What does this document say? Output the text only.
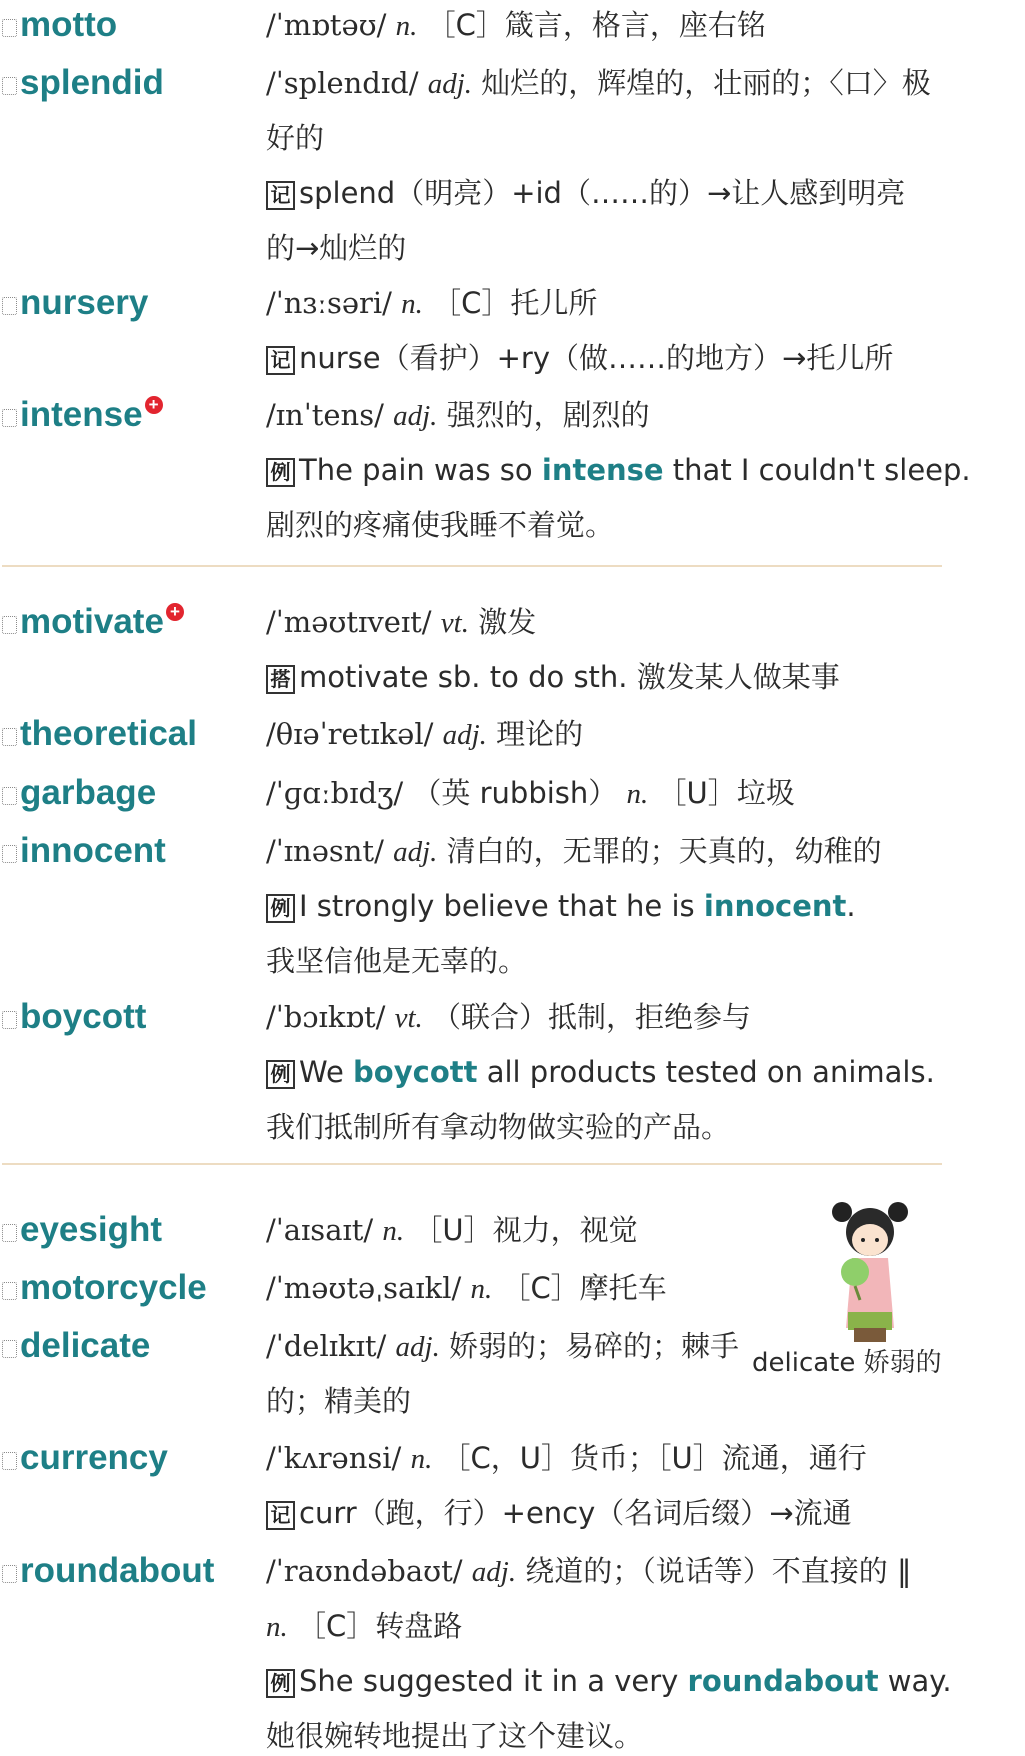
motto	/ˈmɒtəʊ/ n. ［C］箴言，格言，座右铭
splendid	/ˈsplendɪd/ adj. 灿烂的，辉煌的，壮丽的；〈口〉极
好的
记 splend（明亮）+id（……的）→让人感到明亮
的→灿烂的
nursery	/ˈnɜːsəri/ n. ［C］托儿所
记 nurse（看护）+ry（做……的地方）→托儿所
intense +	/ɪnˈtens/ adj. 强烈的，剧烈的
例 The pain was so intense that I couldn't sleep.
剧烈的疼痛使我睡不着觉。
motivate +	/ˈməʊtɪveɪt/ vt. 激发
搭 motivate sb. to do sth. 激发某人做某事
theoretical /θɪəˈretɪkəl/ adj. 理论的
garbage	/ˈɡɑːbɪdʒ/ （英 rubbish） n. ［U］垃圾
innocent	/ˈɪnəsnt/ adj. 清白的，无罪的；天真的，幼稚的
例 I strongly believe that he is innocent.
我坚信他是无辜的。
boycott	/ˈbɔɪkɒt/ vt. （联合）抵制，拒绝参与
例 We boycott all products tested on animals.
我们抵制所有拿动物做实验的产品。
eyesight	/ˈaɪsaɪt/ n. ［U］视力，视觉
motorcycle /ˈməʊtəˌsaɪkl/ n. ［C］摩托车
delicate	/ˈdelɪkɪt/ adj. 娇弱的；易碎的；棘手
的；精美的
currency	/ˈkʌrənsi/ n. ［C，U］货币；［U］流通，通行
记 curr（跑，行）+ency（名词后缀）→流通
roundabout /ˈraʊndəbaʊt/ adj. 绕道的；（说话等）不直接的 ‖
n. ［C］转盘路
例 She suggested it in a very roundabout way.
她很婉转地提出了这个建议。
delicate 娇弱的
